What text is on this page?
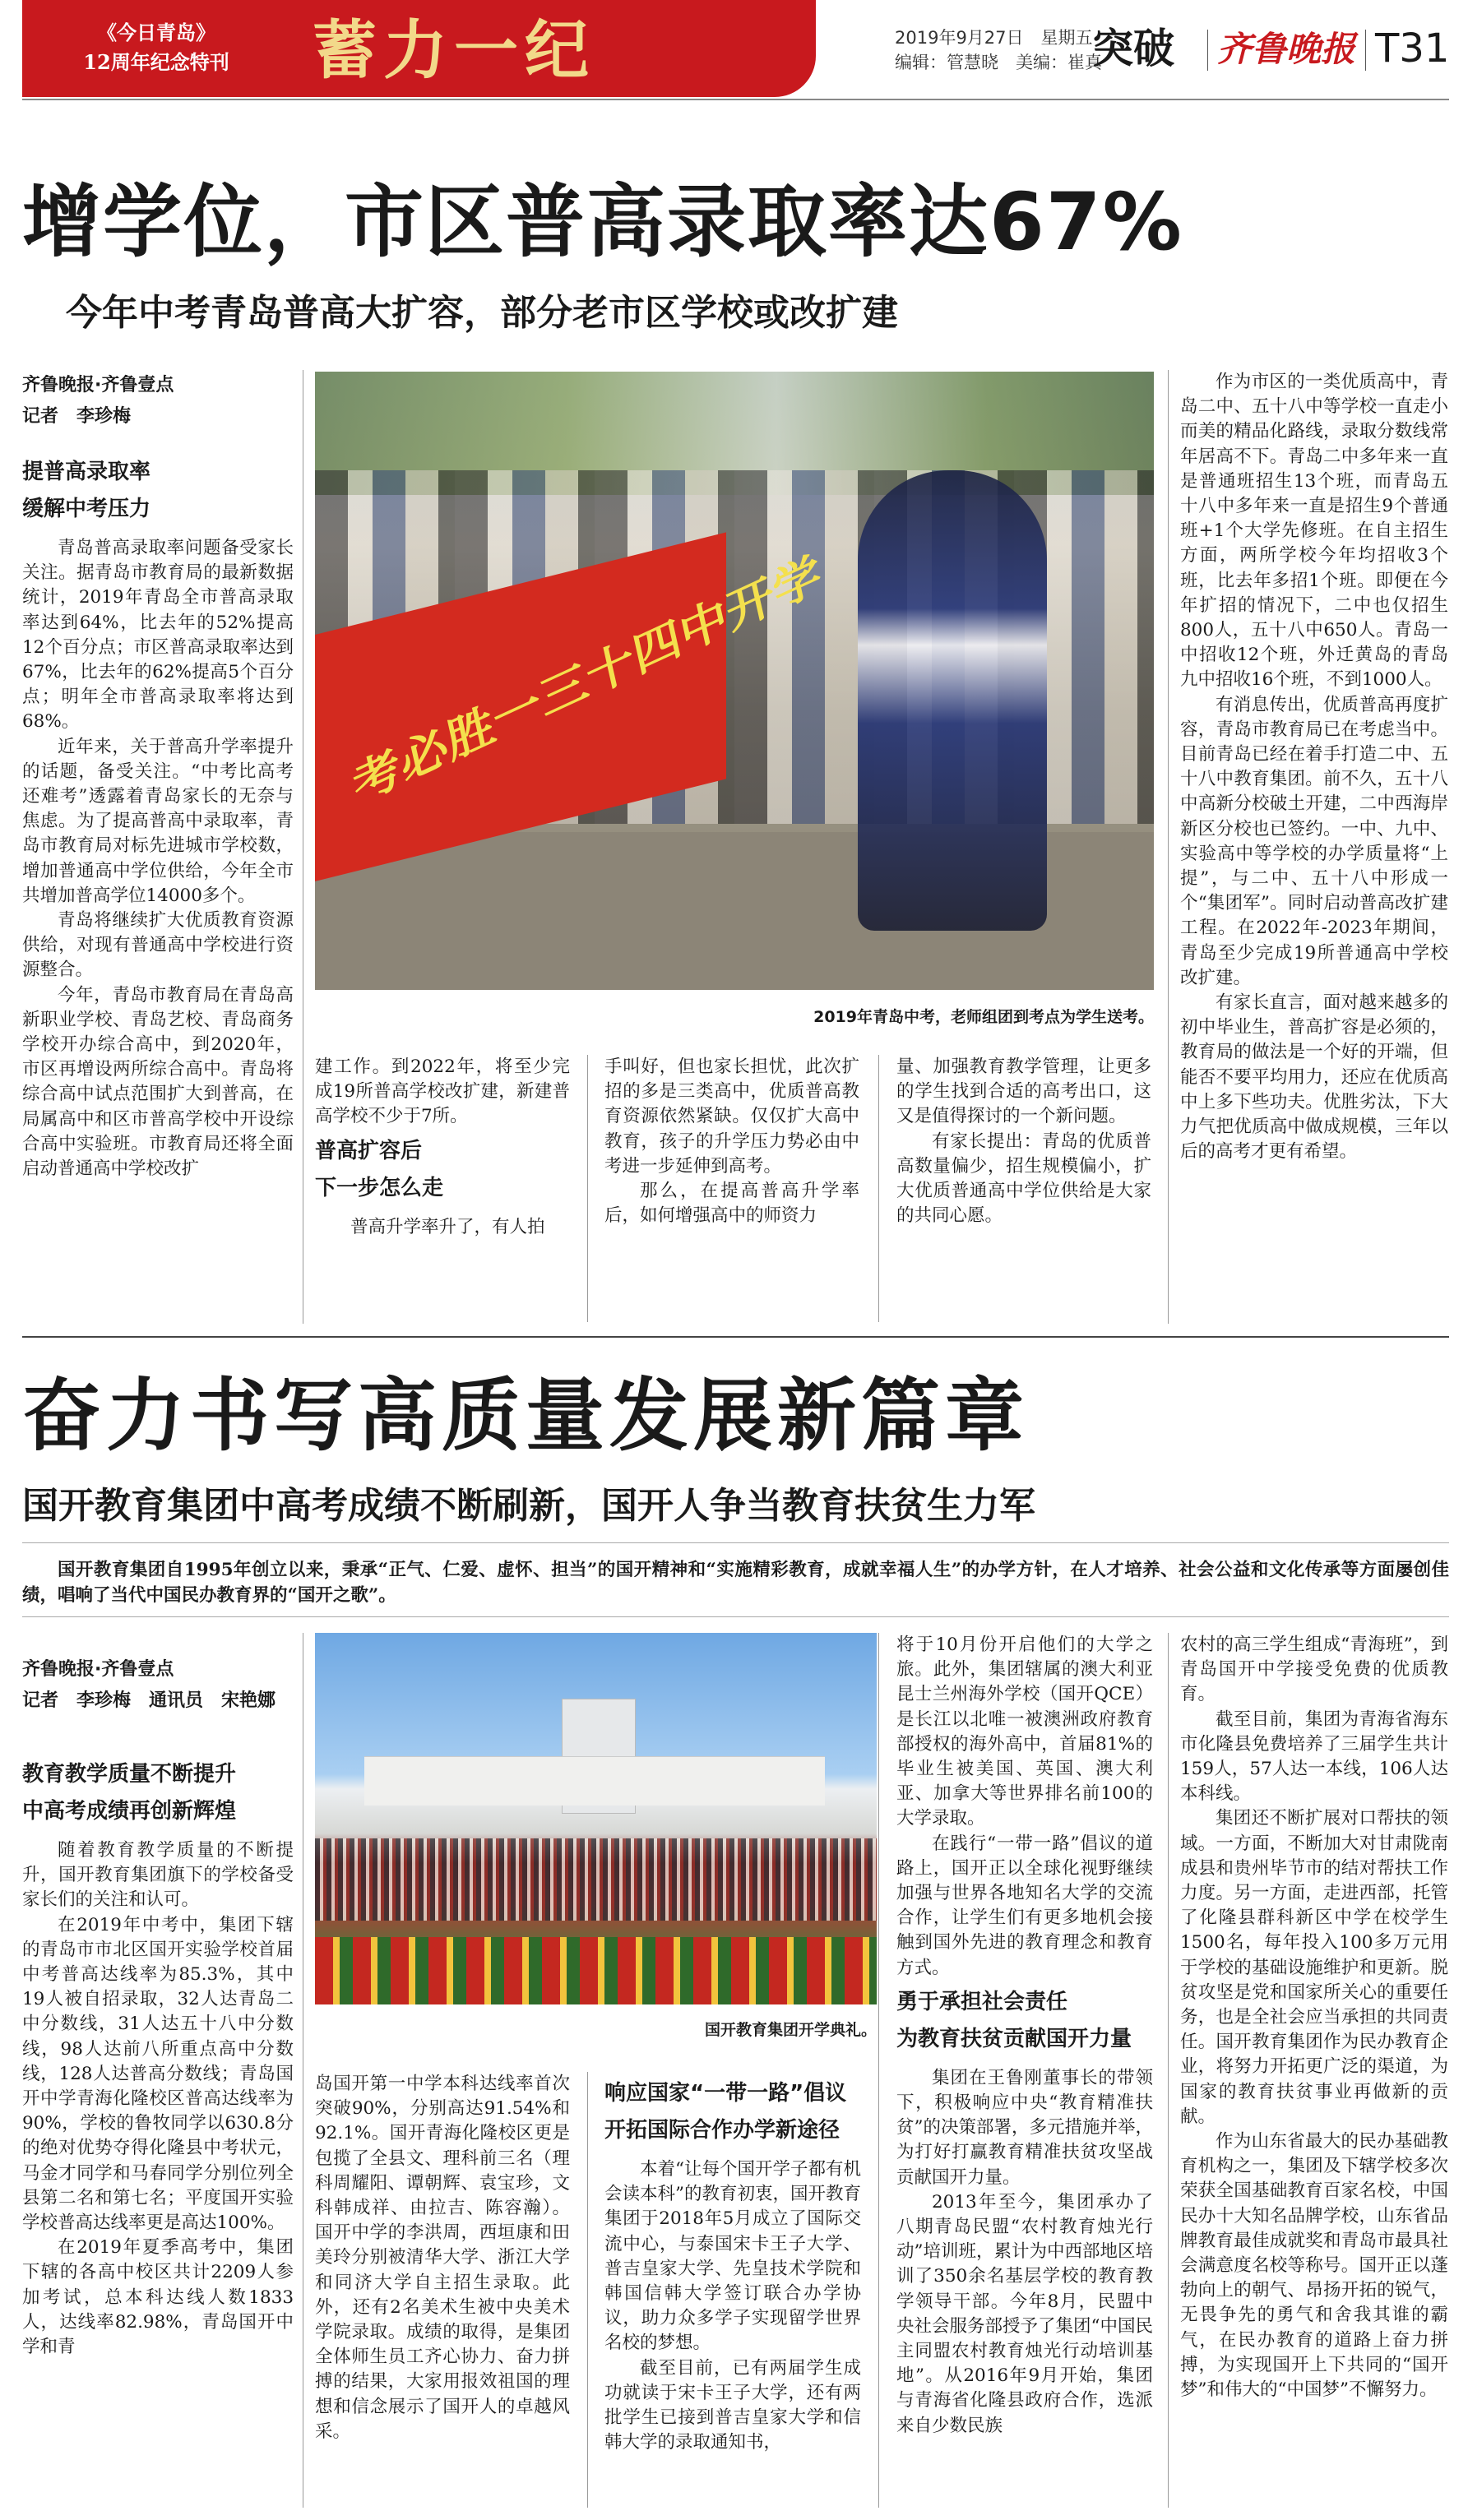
《今日青岛》
12周年纪念特刊	蓄力一纪	2019年9月27日　星期五
编辑：管慧晓　美编：崔真
突破 齐鲁晚报 T31
增学位，市区普高录取率达67%
今年中考青岛普高大扩容，部分老市区学校或改扩建
齐鲁晚报·齐鲁壹点
记者　李珍梅
提普高录取率
缓解中考压力

青岛普高录取率问题备受家长关注。据青岛市教育局的最新数据统计，2019年青岛全市普高录取率达到64%，比去年的52%提高12个百分点；市区普高录取率达到67%，比去年的62%提高5个百分点；明年全市普高录取率将达到68%。

近年来，关于普高升学率提升的话题，备受关注。“中考比高考还难考”透露着青岛家长的无奈与焦虑。为了提高普高中录取率，青岛市教育局对标先进城市学校数，增加普通高中学位供给，今年全市共增加普高学位14000多个。

青岛将继续扩大优质教育资源供给，对现有普通高中学校进行资源整合。

今年，青岛市教育局在青岛高新职业学校、青岛艺校、青岛商务学校开办综合高中，到2020年，市区再增设两所综合高中。青岛将综合高中试点范围扩大到普高，在局属高中和区市普高学校中开设综合高中实验班。市教育局还将全面启动普通高中学校改扩

考必胜一三十四中开学
2019年青岛中考，老师组团到考点为学生送考。

建工作。到2022年，将至少完成19所普高学校改扩建，新建普高学校不少于7所。

普高扩容后
下一步怎么走

普高升学率升了，有人拍

手叫好，但也家长担忧，此次扩招的多是三类高中，优质普高教育资源依然紧缺。仅仅扩大高中教育，孩子的升学压力势必由中考进一步延伸到高考。

那么，在提高普高升学率后，如何增强高中的师资力

量、加强教育教学管理，让更多的学生找到合适的高考出口，这又是值得探讨的一个新问题。

有家长提出：青岛的优质普高数量偏少，招生规模偏小，扩大优质普通高中学位供给是大家的共同心愿。

作为市区的一类优质高中，青岛二中、五十八中等学校一直走小而美的精品化路线，录取分数线常年居高不下。青岛二中多年来一直是普通班招生13个班，而青岛五十八中多年来一直是招生9个普通班+1个大学先修班。在自主招生方面，两所学校今年均招收3个班，比去年多招1个班。即便在今年扩招的情况下，二中也仅招生800人，五十八中650人。青岛一中招收12个班，外迁黄岛的青岛九中招收16个班，不到1000人。

有消息传出，优质普高再度扩容，青岛市教育局已在考虑当中。目前青岛已经在着手打造二中、五十八中教育集团。前不久，五十八中高新分校破土开建，二中西海岸新区分校也已签约。一中、九中、实验高中等学校的办学质量将“上提”，与二中、五十八中形成一个“集团军”。同时启动普高改扩建工程。在2022年-2023年期间，青岛至少完成19所普通高中学校改扩建。

有家长直言，面对越来越多的初中毕业生，普高扩容是必须的，教育局的做法是一个好的开端，但能否不要平均用力，还应在优质高中上多下些功夫。优胜劣汰，下大力气把优质高中做成规模，三年以后的高考才更有希望。

奋力书写高质量发展新篇章
国开教育集团中高考成绩不断刷新，国开人争当教育扶贫生力军
国开教育集团自1995年创立以来，秉承“正气、仁爱、虚怀、担当”的国开精神和“实施精彩教育，成就幸福人生”的办学方针，在人才培养、社会公益和文化传承等方面屡创佳绩，唱响了当代中国民办教育界的“国开之歌”。
齐鲁晚报·齐鲁壹点
记者　李珍梅　通讯员　宋艳娜
教育教学质量不断提升
中高考成绩再创新辉煌

随着教育教学质量的不断提升，国开教育集团旗下的学校备受家长们的关注和认可。

在2019年中考中，集团下辖的青岛市市北区国开实验学校首届中考普高达线率为85.3%，其中19人被自招录取，32人达青岛二中分数线，31人达五十八中分数线，98人达前八所重点高中分数线，128人达普高分数线；青岛国开中学青海化隆校区普高达线率为90%，学校的鲁牧同学以630.8分的绝对优势夺得化隆县中考状元，马金才同学和马春同学分别位列全县第二名和第七名；平度国开实验学校普高达线率更是高达100%。

在2019年夏季高考中，集团下辖的各高中校区共计2209人参加考试，总本科达线人数1833人，达线率82.98%，青岛国开中学和青

国开教育集团开学典礼。

岛国开第一中学本科达线率首次突破90%，分别高达91.54%和92.1%。国开青海化隆校区更是包揽了全县文、理科前三名（理科周耀阳、谭朝辉、袁宝珍，文科韩成祥、由拉吉、陈容瀚）。国开中学的李洪周，西垣康和田美玲分别被清华大学、浙江大学和同济大学自主招生录取。此外，还有2名美术生被中央美术学院录取。成绩的取得，是集团全体师生员工齐心协力、奋力拼搏的结果，大家用报效祖国的理想和信念展示了国开人的卓越风采。

响应国家“一带一路”倡议
开拓国际合作办学新途径

本着“让每个国开学子都有机会读本科”的教育初衷，国开教育集团于2018年5月成立了国际交流中心，与泰国宋卡王子大学、普吉皇家大学、先皇技术学院和韩国信韩大学签订联合办学协议，助力众多学子实现留学世界名校的梦想。

截至目前，已有两届学生成功就读于宋卡王子大学，还有两批学生已接到普吉皇家大学和信韩大学的录取通知书，

将于10月份开启他们的大学之旅。此外，集团辖属的澳大利亚昆士兰州海外学校（国开QCE）是长江以北唯一被澳洲政府教育部授权的海外高中，首届81%的毕业生被美国、英国、澳大利亚、加拿大等世界排名前100的大学录取。

在践行“一带一路”倡议的道路上，国开正以全球化视野继续加强与世界各地知名大学的交流合作，让学生们有更多地机会接触到国外先进的教育理念和教育方式。

勇于承担社会责任
为教育扶贫贡献国开力量

集团在王鲁刚董事长的带领下，积极响应中央“教育精准扶贫”的决策部署，多元措施并举，为打好打赢教育精准扶贫攻坚战贡献国开力量。

2013年至今，集团承办了八期青岛民盟“农村教育烛光行动”培训班，累计为中西部地区培训了350余名基层学校的教育教学领导干部。今年8月，民盟中央社会服务部授予了集团“中国民主同盟农村教育烛光行动培训基地”。从2016年9月开始，集团与青海省化隆县政府合作，选派来自少数民族

农村的高三学生组成“青海班”，到青岛国开中学接受免费的优质教育。

截至目前，集团为青海省海东市化隆县免费培养了三届学生共计159人，57人达一本线，106人达本科线。

集团还不断扩展对口帮扶的领域。一方面，不断加大对甘肃陇南成县和贵州毕节市的结对帮扶工作力度。另一方面，走进西部，托管了化隆县群科新区中学在校学生1500名，每年投入100多万元用于学校的基础设施维护和更新。脱贫攻坚是党和国家所关心的重要任务，也是全社会应当承担的共同责任。国开教育集团作为民办教育企业，将努力开拓更广泛的渠道，为国家的教育扶贫事业再做新的贡献。

作为山东省最大的民办基础教育机构之一，集团及下辖学校多次荣获全国基础教育百家名校，中国民办十大知名品牌学校，山东省品牌教育最佳成就奖和青岛市最具社会满意度名校等称号。国开正以蓬勃向上的朝气、昂扬开拓的锐气，无畏争先的勇气和舍我其谁的霸气，在民办教育的道路上奋力拼搏，为实现国开上下共同的“国开梦”和伟大的“中国梦”不懈努力。
